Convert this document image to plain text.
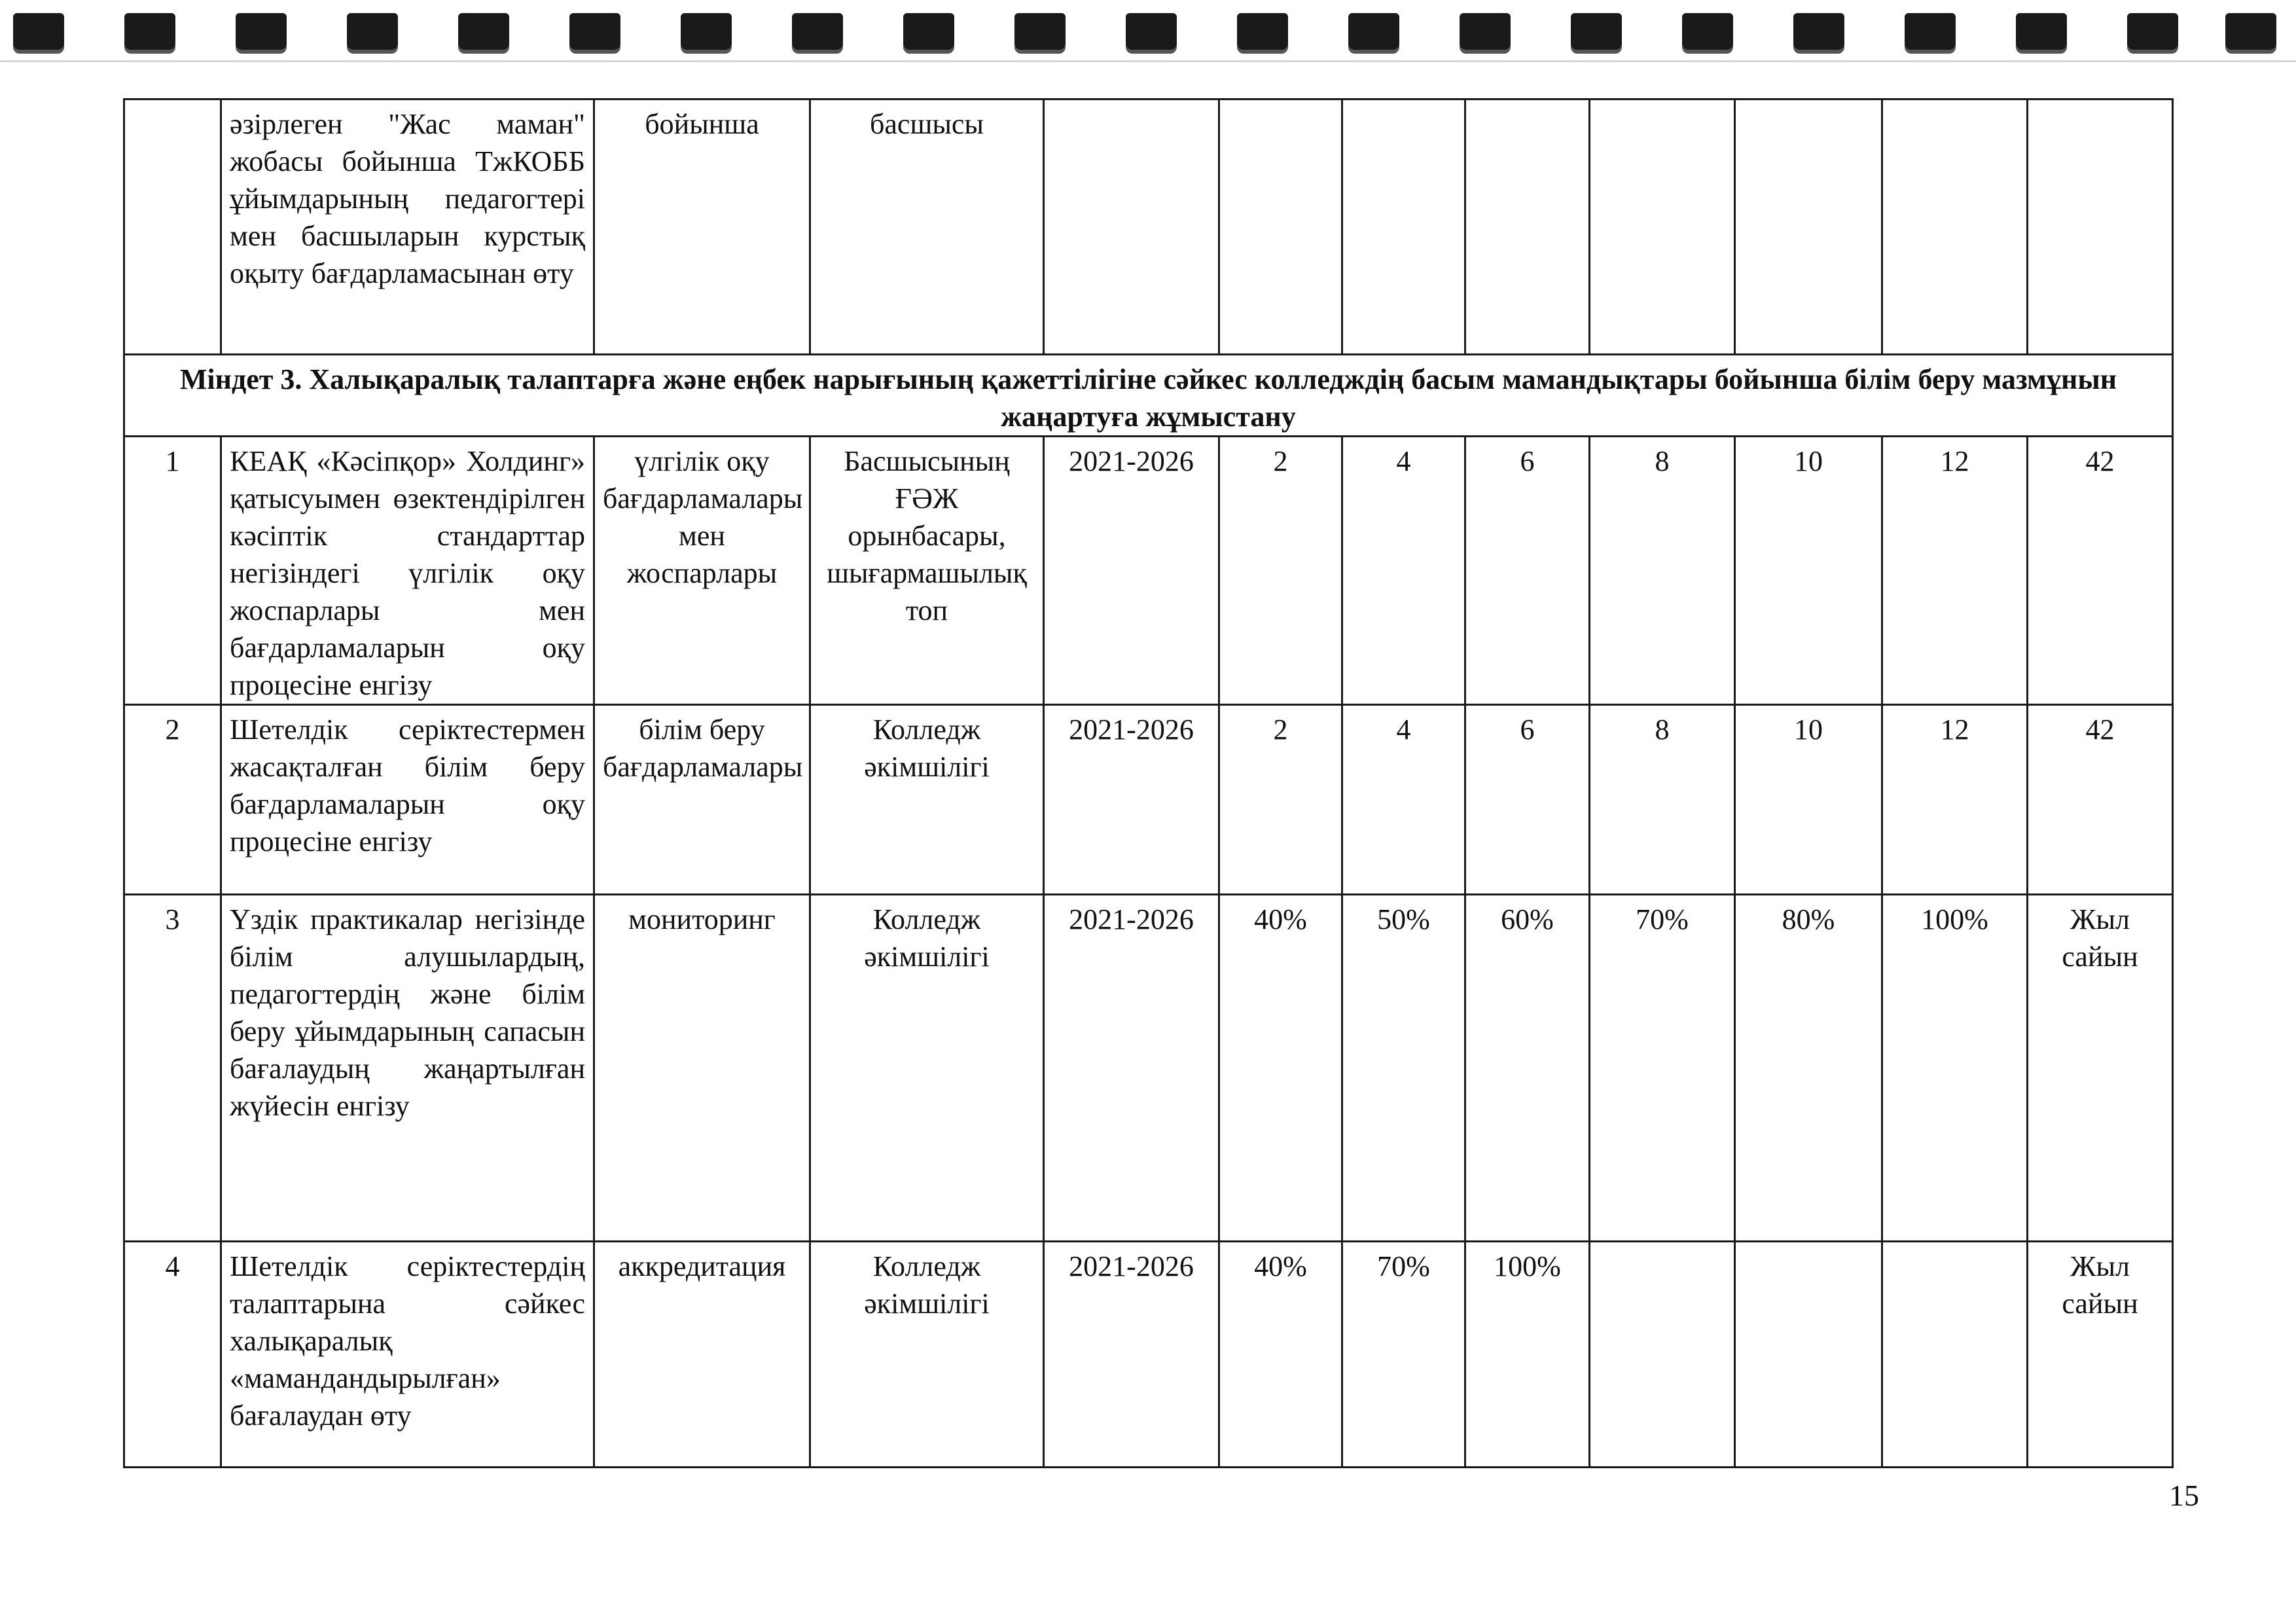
	әзірлеген "Жас маман" жобасы бойынша ТжКОББ ұйымдарының педагогтері мен басшыларын курстық оқыту бағдарламасынан өту	бойынша	басшысы								
Міндет 3. Халықаралық талаптарға және еңбек нарығының қажеттілігіне сәйкес колледждің басым мамандықтары бойынша білім беру мазмұнын жаңартуға жұмыстану											
1	КЕАҚ «Кәсіпқор» Холдинг» қатысуымен өзектендірілген кәсіптік стандарттар негізіндегі үлгілік оқу жоспарлары мен бағдарламаларын оқу процесіне енгізу	үлгілік оқу бағдарламалары мен жоспарлары	Басшысының ҒӘЖ орынбасары, шығармашылық топ	2021-2026	2	4	6	8	10	12	42
2	Шетелдік серіктестермен жасақталған білім беру бағдарламаларын оқу процесіне енгізу	білім беру бағдарламалары	Колледж әкімшілігі	2021-2026	2	4	6	8	10	12	42
3	Үздік практикалар негізінде білім алушылардың, педагогтердің және білім беру ұйымдарының сапасын бағалаудың жаңартылған жүйесін енгізу	мониторинг	Колледж әкімшілігі	2021-2026	40%	50%	60%	70%	80%	100%	Жыл сайын
4	Шетелдік серіктестердің талаптарына сәйкес халықаралық «мамандандырылған» бағалаудан өту	аккредитация	Колледж әкімшілігі	2021-2026	40%	70%	100%				Жыл сайын
15
